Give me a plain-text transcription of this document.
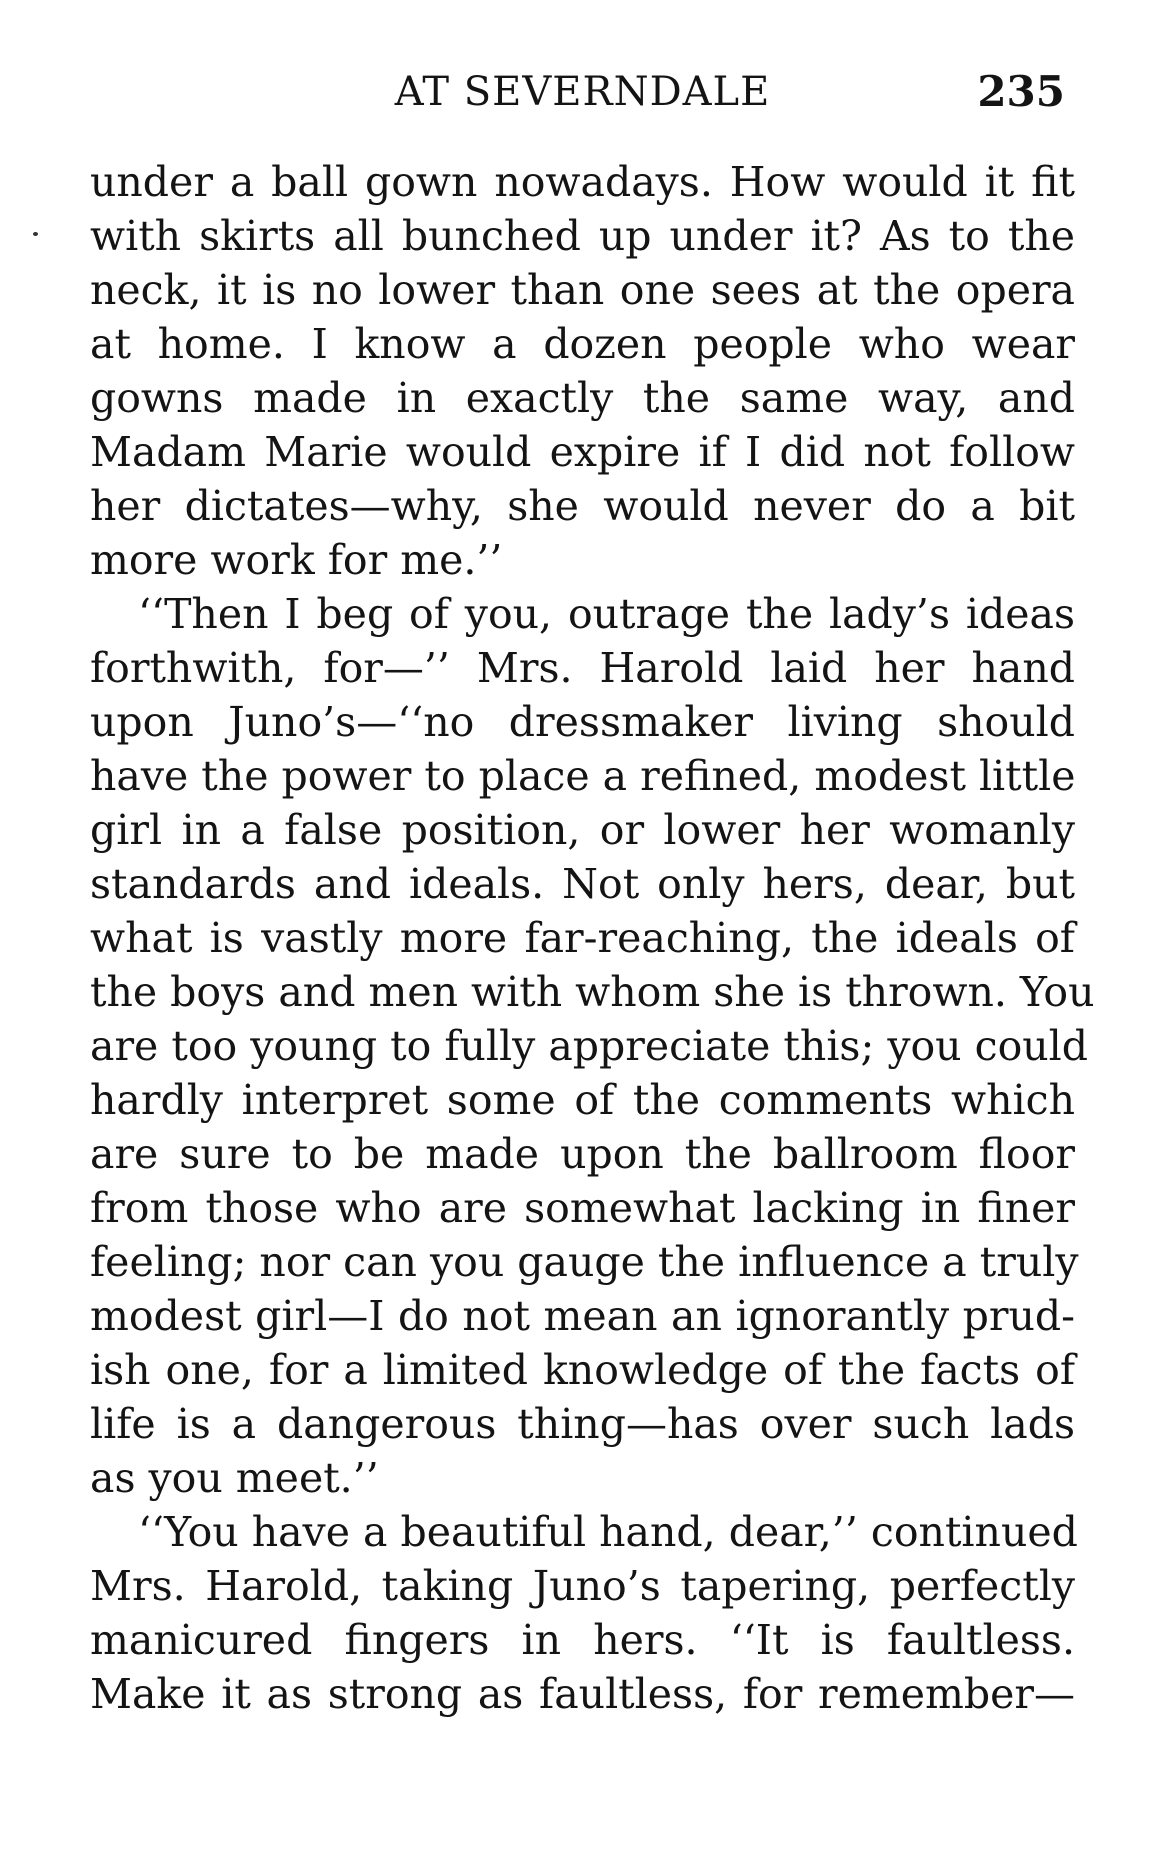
AT SEVERNDALE	235
under a ball gown nowadays. How would it fit
with skirts all bunched up under it? As to the
neck, it is no lower than one sees at the opera
at home. I know a dozen people who wear
gowns made in exactly the same way, and
Madam Marie would expire if I did not follow
her dictates—why, she would never do a bit
more work for me.’’
‘‘Then I beg of you, outrage the lady’s ideas
forthwith, for—’’ Mrs. Harold laid her hand
upon Juno’s—‘‘no dressmaker living should
have the power to place a refined, modest little
girl in a false position, or lower her womanly
standards and ideals. Not only hers, dear, but
what is vastly more far-reaching, the ideals of
the boys and men with whom she is thrown. You
are too young to fully appreciate this; you could
hardly interpret some of the comments which
are sure to be made upon the ballroom floor
from those who are somewhat lacking in finer
feeling; nor can you gauge the influence a truly
modest girl—I do not mean an ignorantly prud-
ish one, for a limited knowledge of the facts of
life is a dangerous thing—has over such lads
as you meet.’’
‘‘You have a beautiful hand, dear,’’ continued
Mrs. Harold, taking Juno’s tapering, perfectly
manicured fingers in hers. ‘‘It is faultless.
Make it as strong as faultless, for remember—
